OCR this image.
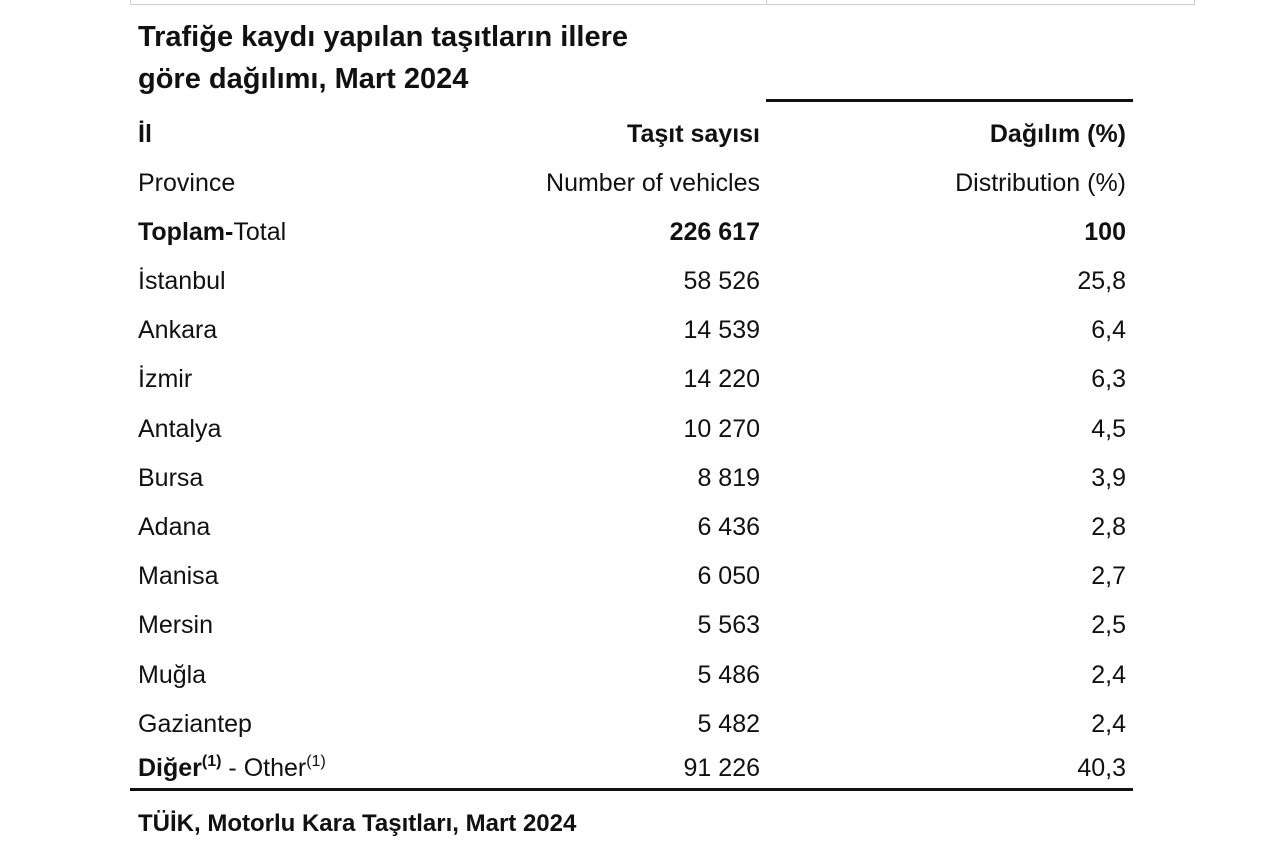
Trafiğe kaydı yapılan taşıtların illere
göre dağılımı, Mart 2024
İl	Taşıt sayısı	Dağılım (%)
Province	Number of vehicles	Distribution (%)
Toplam-Total	226 617	100
İstanbul	58 526	25,8
Ankara	14 539	6,4
İzmir	14 220	6,3
Antalya	10 270	4,5
Bursa	8 819	3,9
Adana	6 436	2,8
Manisa	6 050	2,7
Mersin	5 563	2,5
Muğla	5 486	2,4
Gaziantep	5 482	2,4
Diğer$^{(1)}$ - Other$^{(1)}$	91 226	40,3
TÜİK, Motorlu Kara Taşıtları, Mart 2024
